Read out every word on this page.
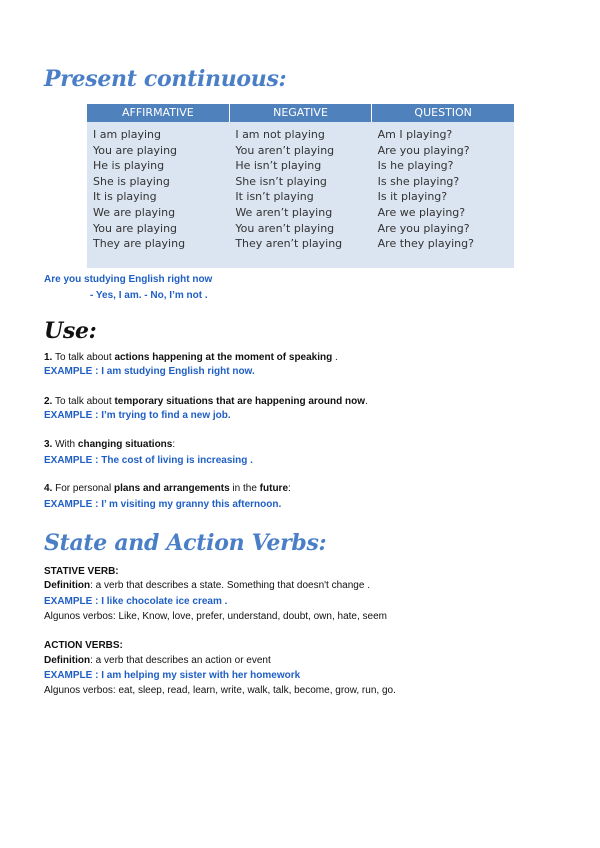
Present continuous:
AFFIRMATIVE	NEGATIVE	QUESTION
I am playing
You are playing
He is playing
She is playing
It is playing
We are playing
You are playing
They are playing
I am not playing
You aren’t playing
He isn’t playing
She isn’t playing
It isn’t playing
We aren’t playing
You aren’t playing
They aren’t playing
Am I playing?
Are you playing?
Is he playing?
Is she playing?
Is it playing?
Are we playing?
Are you playing?
Are they playing?
Are you studying English right now
- Yes, I am. - No, I’m not .
Use:
1. To talk about actions happening at the moment of speaking .
EXAMPLE : I am studying English right now.
2. To talk about temporary situations that are happening around now.
EXAMPLE : I’m trying to find a new job.
3. With changing situations:
EXAMPLE : The cost of living is increasing .
4. For personal plans and arrangements in the future:
EXAMPLE : I’ m visiting my granny this afternoon.
State and Action Verbs:
STATIVE VERB:
Definition: a verb that describes a state. Something that doesn't change .
EXAMPLE : I like chocolate ice cream .
Algunos verbos: Like, Know, love, prefer, understand, doubt, own, hate, seem
ACTION VERBS:
Definition: a verb that describes an action or event
EXAMPLE : I am helping my sister with her homework
Algunos verbos: eat, sleep, read, learn, write, walk, talk, become, grow, run, go.
